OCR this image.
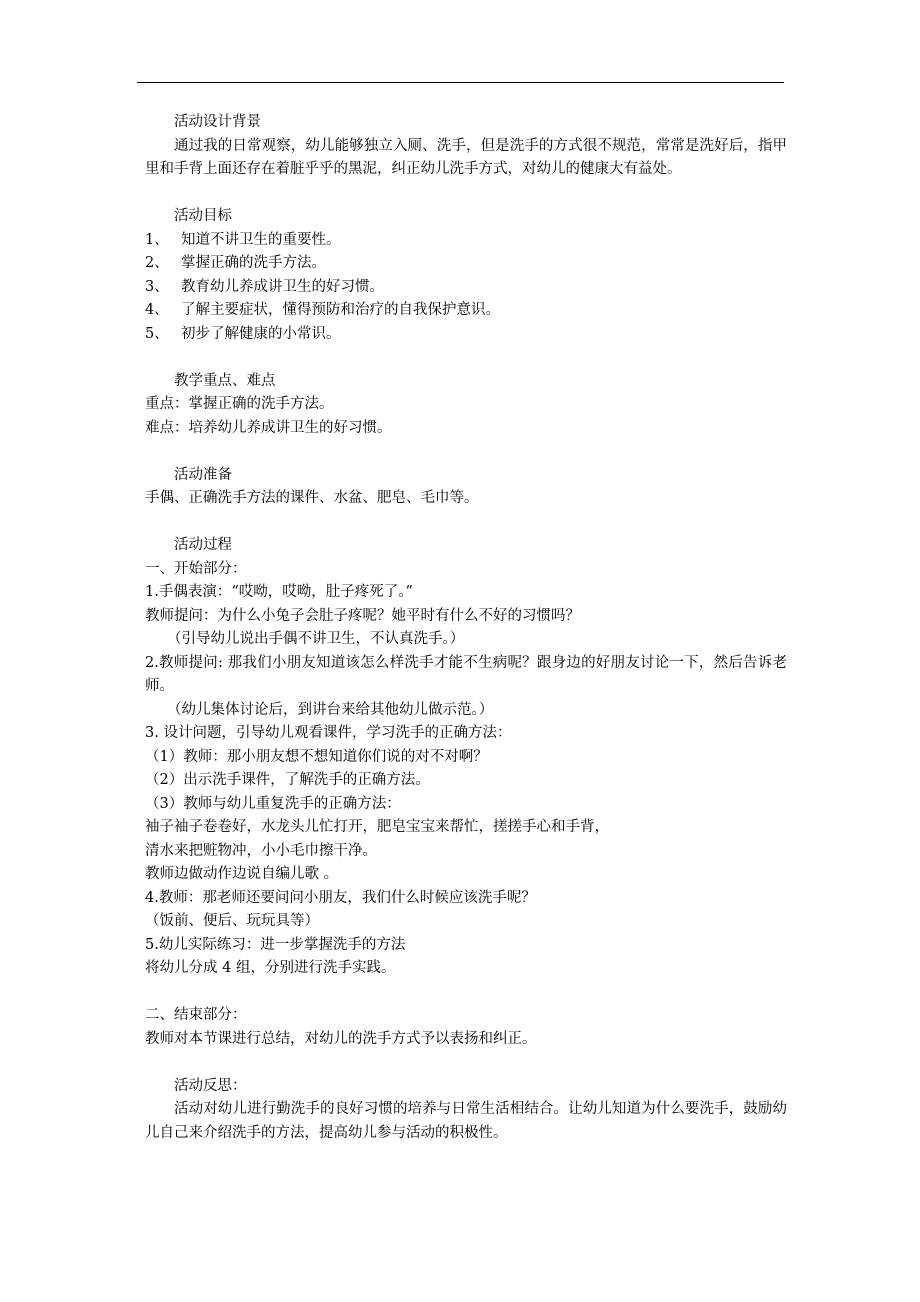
活动设计背景
通过我的日常观察，幼儿能够独立入厕、洗手，但是洗手的方式很不规范，常常是洗好后，指甲里和手背上面还存在着脏乎乎的黑泥，纠正幼儿洗手方式，对幼儿的健康大有益处。
活动目标
1、 知道不讲卫生的重要性。
2、 掌握正确的洗手方法。
3、 教育幼儿养成讲卫生的好习惯。
4、 了解主要症状，懂得预防和治疗的自我保护意识。
5、 初步了解健康的小常识。
教学重点、难点
重点：掌握正确的洗手方法。
难点：培养幼儿养成讲卫生的好习惯。
活动准备
手偶、正确洗手方法的课件、水盆、肥皂、毛巾等。
活动过程
一、开始部分：
1.手偶表演：“哎呦，哎呦，肚子疼死了。”
教师提问：为什么小兔子会肚子疼呢？她平时有什么不好的习惯吗？
（引导幼儿说出手偶不讲卫生，不认真洗手。）
2.教师提问: 那我们小朋友知道该怎么样洗手才能不生病呢？跟身边的好朋友讨论一下，然后告诉老师。
（幼儿集体讨论后，到讲台来给其他幼儿做示范。）
3. 设计问题，引导幼儿观看课件，学习洗手的正确方法：
（1）教师：那小朋友想不想知道你们说的对不对啊？
（2）出示洗手课件，了解洗手的正确方法。
（3）教师与幼儿重复洗手的正确方法：
袖子袖子卷卷好，水龙头儿忙打开，肥皂宝宝来帮忙，搓搓手心和手背，
清水来把赃物冲，小小毛巾擦干净。
教师边做动作边说自编儿歌 。
4.教师：那老师还要问问小朋友，我们什么时候应该洗手呢？
（饭前、便后、玩玩具等）
5.幼儿实际练习：进一步掌握洗手的方法
将幼儿分成 4 组，分别进行洗手实践。
二、结束部分：
教师对本节课进行总结，对幼儿的洗手方式予以表扬和纠正。
活动反思：
活动对幼儿进行勤洗手的良好习惯的培养与日常生活相结合。让幼儿知道为什么要洗手，鼓励幼儿自己来介绍洗手的方法，提高幼儿参与活动的积极性。
